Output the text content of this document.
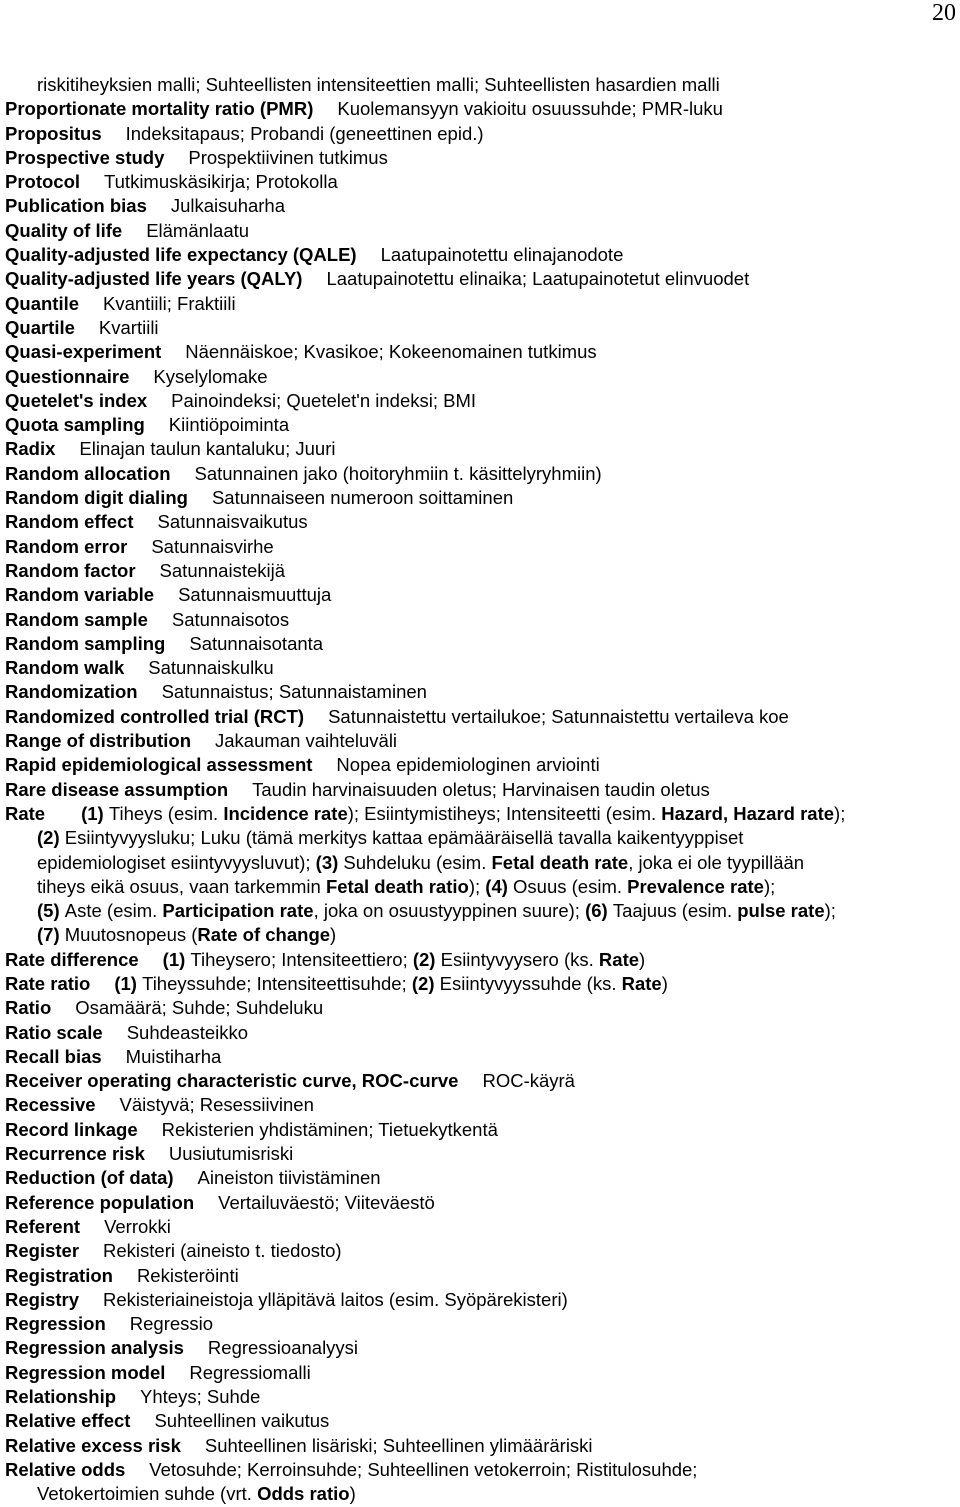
20
riskitiheyksien malli; Suhteellisten intensiteettien malli; Suhteellisten hasardien malli
Proportionate mortality ratio (PMR) Kuolemansyyn vakioitu osuussuhde; PMR-luku
Propositus Indeksitapaus; Probandi (geneettinen epid.)
Prospective study Prospektiivinen tutkimus
Protocol Tutkimuskäsikirja; Protokolla
Publication bias Julkaisuharha
Quality of life Elämänlaatu
Quality-adjusted life expectancy (QALE) Laatupainotettu elinajanodote
Quality-adjusted life years (QALY) Laatupainotettu elinaika; Laatupainotetut elinvuodet
Quantile Kvantiili; Fraktiili
Quartile Kvartiili
Quasi-experiment Näennäiskoe; Kvasikoe; Kokeenomainen tutkimus
Questionnaire Kyselylomake
Quetelet's index Painoindeksi; Quetelet'n indeksi; BMI
Quota sampling Kiintiöpoiminta
Radix Elinajan taulun kantaluku; Juuri
Random allocation Satunnainen jako (hoitoryhmiin t. käsittelyryhmiin)
Random digit dialing Satunnaiseen numeroon soittaminen
Random effect Satunnaisvaikutus
Random error Satunnaisvirhe
Random factor Satunnaistekijä
Random variable Satunnaismuuttuja
Random sample Satunnaisotos
Random sampling Satunnaisotanta
Random walk Satunnaiskulku
Randomization Satunnaistus; Satunnaistaminen
Randomized controlled trial (RCT) Satunnaistettu vertailukoe; Satunnaistettu vertaileva koe
Range of distribution Jakauman vaihteluväli
Rapid epidemiological assessment Nopea epidemiologinen arviointi
Rare disease assumption Taudin harvinaisuuden oletus; Harvinaisen taudin oletus
Rate (1) Tiheys (esim. Incidence rate); Esiintymistiheys; Intensiteetti (esim. Hazard, Hazard rate);
(2) Esiintyvyysluku; Luku (tämä merkitys kattaa epämääräisellä tavalla kaikentyyppiset
epidemiologiset esiintyvyysluvut); (3) Suhdeluku (esim. Fetal death rate, joka ei ole tyypillään
tiheys eikä osuus, vaan tarkemmin Fetal death ratio); (4) Osuus (esim. Prevalence rate);
(5) Aste (esim. Participation rate, joka on osuustyyppinen suure); (6) Taajuus (esim. pulse rate);
(7) Muutosnopeus (Rate of change)
Rate difference (1) Tiheysero; Intensiteettiero; (2) Esiintyvyysero (ks. Rate)
Rate ratio (1) Tiheyssuhde; Intensiteettisuhde; (2) Esiintyvyyssuhde (ks. Rate)
Ratio Osamäärä; Suhde; Suhdeluku
Ratio scale Suhdeasteikko
Recall bias Muistiharha
Receiver operating characteristic curve, ROC-curve ROC-käyrä
Recessive Väistyvä; Resessiivinen
Record linkage Rekisterien yhdistäminen; Tietuekytkentä
Recurrence risk Uusiutumisriski
Reduction (of data) Aineiston tiivistäminen
Reference population Vertailuväestö; Viiteväestö
Referent Verrokki
Register Rekisteri (aineisto t. tiedosto)
Registration Rekisteröinti
Registry Rekisteriaineistoja ylläpitävä laitos (esim. Syöpärekisteri)
Regression Regressio
Regression analysis Regressioanalyysi
Regression model Regressiomalli
Relationship Yhteys; Suhde
Relative effect Suhteellinen vaikutus
Relative excess risk Suhteellinen lisäriski; Suhteellinen ylimääräriski
Relative odds Vetosuhde; Kerroinsuhde; Suhteellinen vetokerroin; Ristitulosuhde;
Vetokertoimien suhde (vrt. Odds ratio)
